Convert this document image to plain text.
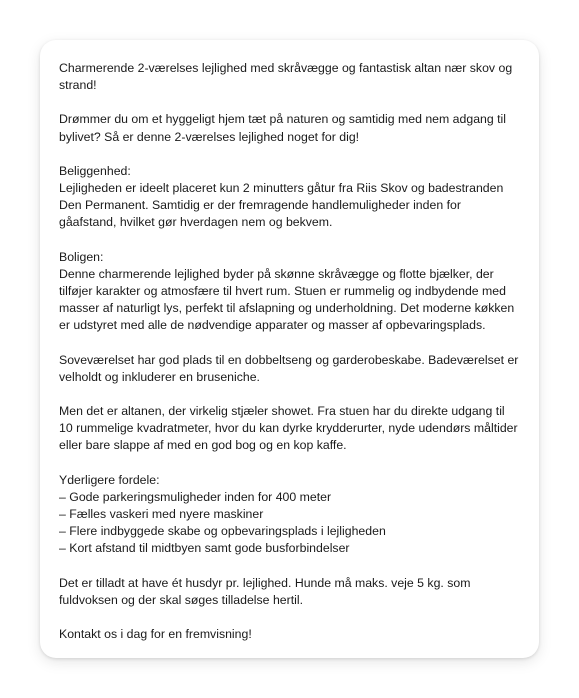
Charmerende 2-værelses lejlighed med skråvægge og fantastisk altan nær skov og
strand!

Drømmer du om et hyggeligt hjem tæt på naturen og samtidig med nem adgang til
bylivet? Så er denne 2-værelses lejlighed noget for dig!

Beliggenhed:
Lejligheden er ideelt placeret kun 2 minutters gåtur fra Riis Skov og badestranden
Den Permanent. Samtidig er der fremragende handlemuligheder inden for
gåafstand, hvilket gør hverdagen nem og bekvem.

Boligen:
Denne charmerende lejlighed byder på skønne skråvægge og flotte bjælker, der
tilføjer karakter og atmosfære til hvert rum. Stuen er rummelig og indbydende med
masser af naturligt lys, perfekt til afslapning og underholdning. Det moderne køkken
er udstyret med alle de nødvendige apparater og masser af opbevaringsplads.

Soveværelset har god plads til en dobbeltseng og garderobeskabe. Badeværelset er
velholdt og inkluderer en bruseniche.

Men det er altanen, der virkelig stjæler showet. Fra stuen har du direkte udgang til
10 rummelige kvadratmeter, hvor du kan dyrke krydderurter, nyde udendørs måltider
eller bare slappe af med en god bog og en kop kaffe.

Yderligere fordele:
– Gode parkeringsmuligheder inden for 400 meter
– Fælles vaskeri med nyere maskiner
– Flere indbyggede skabe og opbevaringsplads i lejligheden
– Kort afstand til midtbyen samt gode busforbindelser

Det er tilladt at have ét husdyr pr. lejlighed. Hunde må maks. veje 5 kg. som
fuldvoksen og der skal søges tilladelse hertil.

Kontakt os i dag for en fremvisning!
